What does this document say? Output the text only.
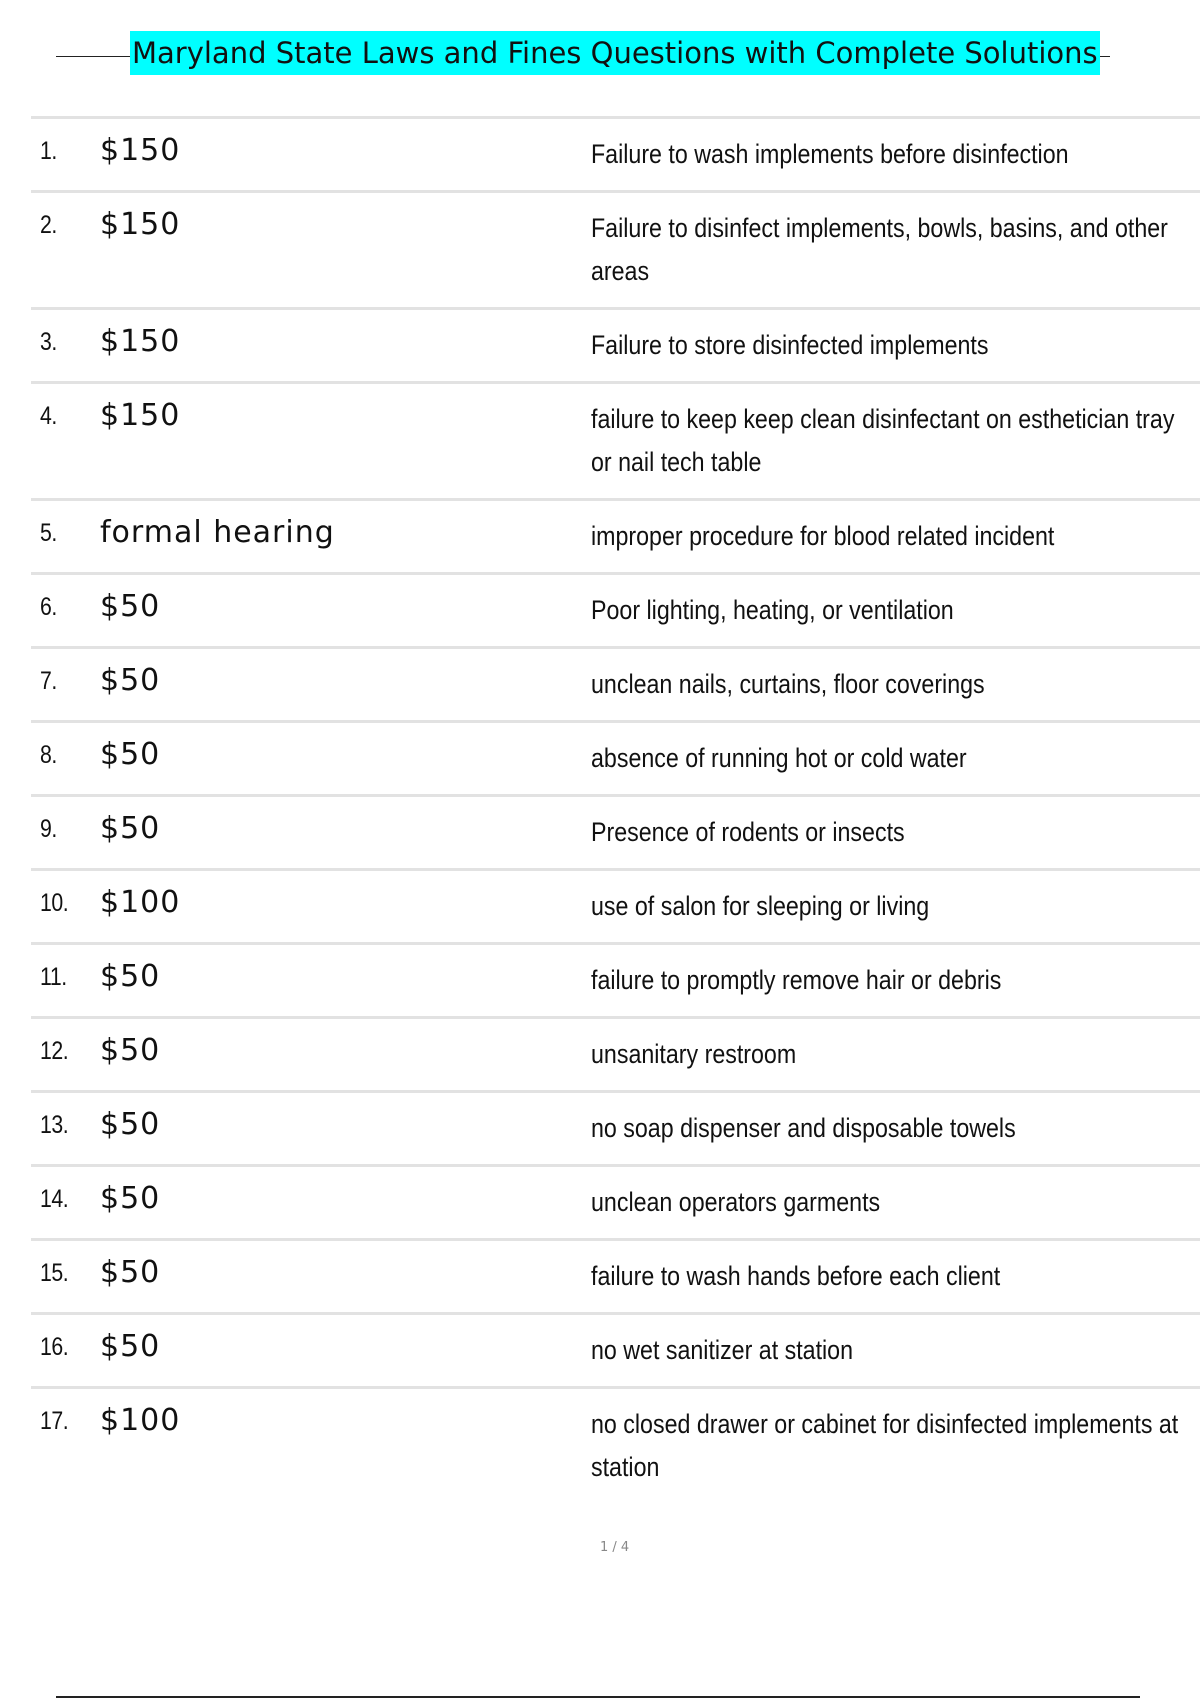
Maryland State Laws and Fines Questions with Complete Solutions
1. $150	Failure to wash implements before disinfection
2. $150	Failure to disinfect implements, bowls, basins, and other areas
3. $150	Failure to store disinfected implements
4. $150	failure to keep keep clean disinfectant on esthetician tray or nail tech table
5. formal hearing	improper procedure for blood related incident
6. $50	Poor lighting, heating, or ventilation
7. $50	unclean nails, curtains, floor coverings
8. $50	absence of running hot or cold water
9. $50	Presence of rodents or insects
10. $100	use of salon for sleeping or living
11. $50	failure to promptly remove hair or debris
12. $50	unsanitary restroom
13. $50	no soap dispenser and disposable towels
14. $50	unclean operators garments
15. $50	failure to wash hands before each client
16. $50	no wet sanitizer at station
17. $100	no closed drawer or cabinet for disinfected implements at station
1 / 4
